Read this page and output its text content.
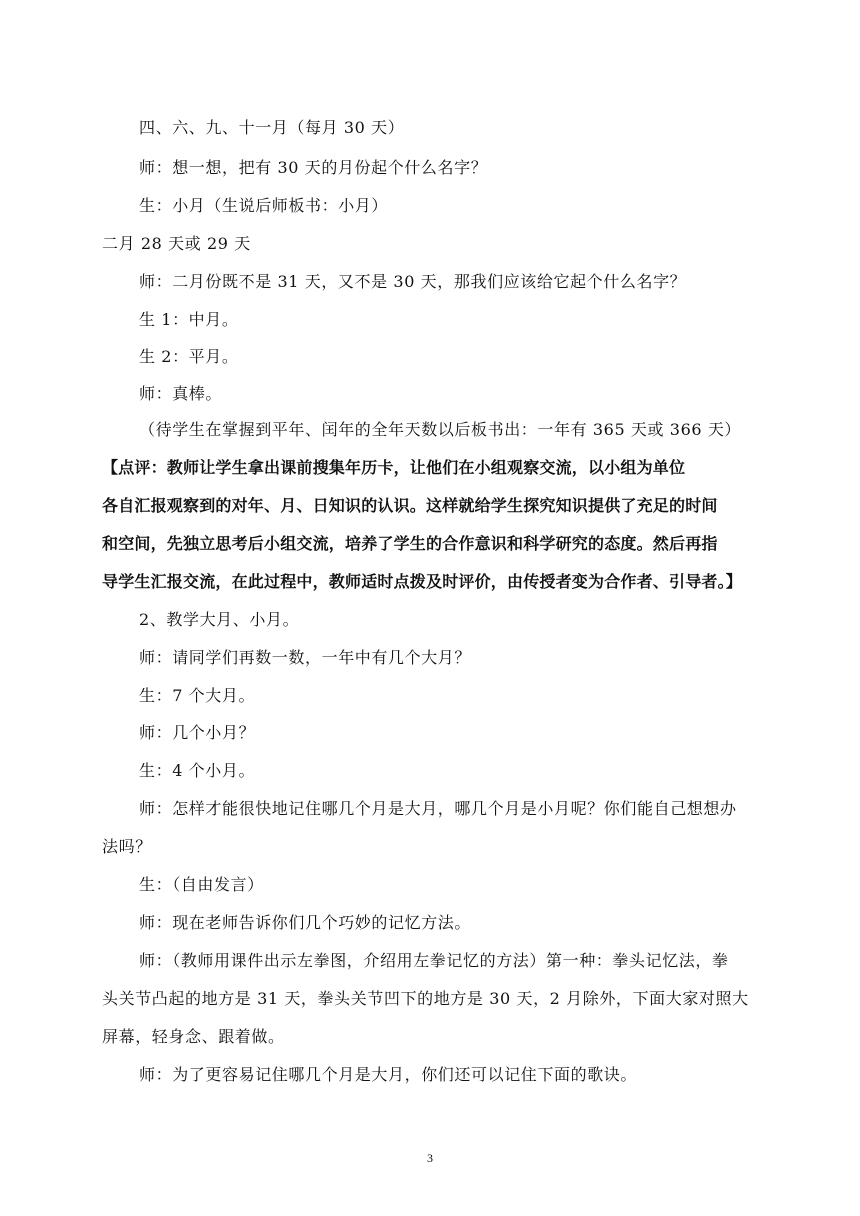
四、六、九、十一月（每月 30 天）
师：想一想，把有 30 天的月份起个什么名字？
生：小月（生说后师板书：小月）
二月 28 天或 29 天
师：二月份既不是 31 天，又不是 30 天，那我们应该给它起个什么名字？
生 1：中月。
生 2：平月。
师：真棒。
（待学生在掌握到平年、闰年的全年天数以后板书出：一年有 365 天或 366 天）
【点评：教师让学生拿出课前搜集年历卡，让他们在小组观察交流，以小组为单位
各自汇报观察到的对年、月、日知识的认识。这样就给学生探究知识提供了充足的时间
和空间，先独立思考后小组交流，培养了学生的合作意识和科学研究的态度。然后再指
导学生汇报交流，在此过程中，教师适时点拨及时评价，由传授者变为合作者、引导者。】
2、教学大月、小月。
师：请同学们再数一数，一年中有几个大月？
生：7 个大月。
师：几个小月？
生：4 个小月。
师：怎样才能很快地记住哪几个月是大月，哪几个月是小月呢？你们能自己想想办
法吗？
生：（自由发言）
师：现在老师告诉你们几个巧妙的记忆方法。
师：（教师用课件出示左拳图，介绍用左拳记忆的方法）第一种：拳头记忆法，拳
头关节凸起的地方是 31 天，拳头关节凹下的地方是 30 天，2 月除外，下面大家对照大
屏幕，轻身念、跟着做。
师：为了更容易记住哪几个月是大月，你们还可以记住下面的歌诀。
3
